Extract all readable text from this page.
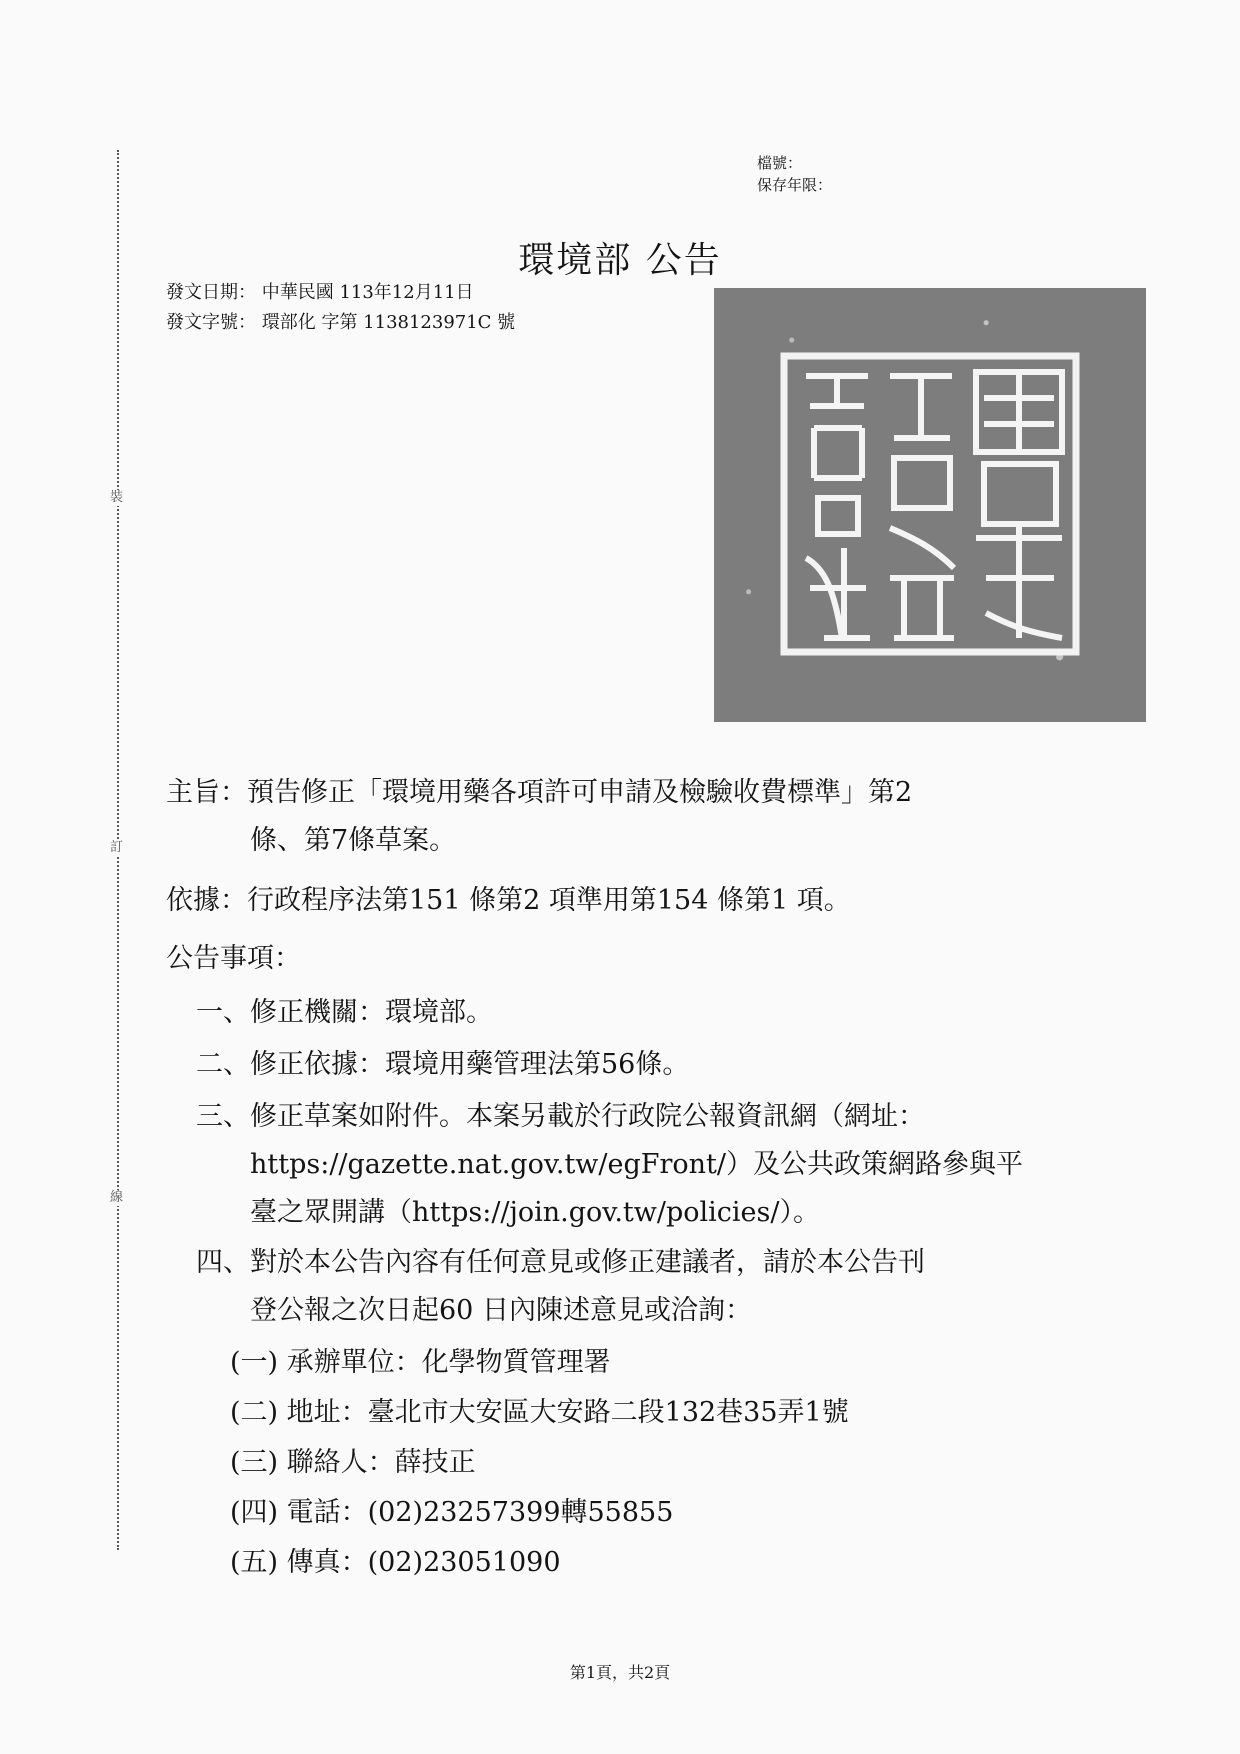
裝
訂
線
檔號：
保存年限：
環境部 公告
發文日期： 中華民國 113年12月11日
發文字號： 環部化 字第 1138123971C 號
主旨：預告修正「環境用藥各項許可申請及檢驗收費標準」第2
條、第7條草案。
依據：行政程序法第151 條第2 項準用第154 條第1 項。
公告事項：
一、修正機關：環境部。
二、修正依據：環境用藥管理法第56條。
三、修正草案如附件。本案另載於行政院公報資訊網（網址：
https://gazette.nat.gov.tw/egFront/）及公共政策網路參與平
臺之眾開講（https://join.gov.tw/policies/）。
四、對於本公告內容有任何意見或修正建議者，請於本公告刊
登公報之次日起60 日內陳述意見或洽詢：
(一) 承辦單位：化學物質管理署
(二) 地址：臺北市大安區大安路二段132巷35弄1號
(三) 聯絡人：薛技正
(四) 電話：(02)23257399轉55855
(五) 傳真：(02)23051090
第1頁，共2頁
